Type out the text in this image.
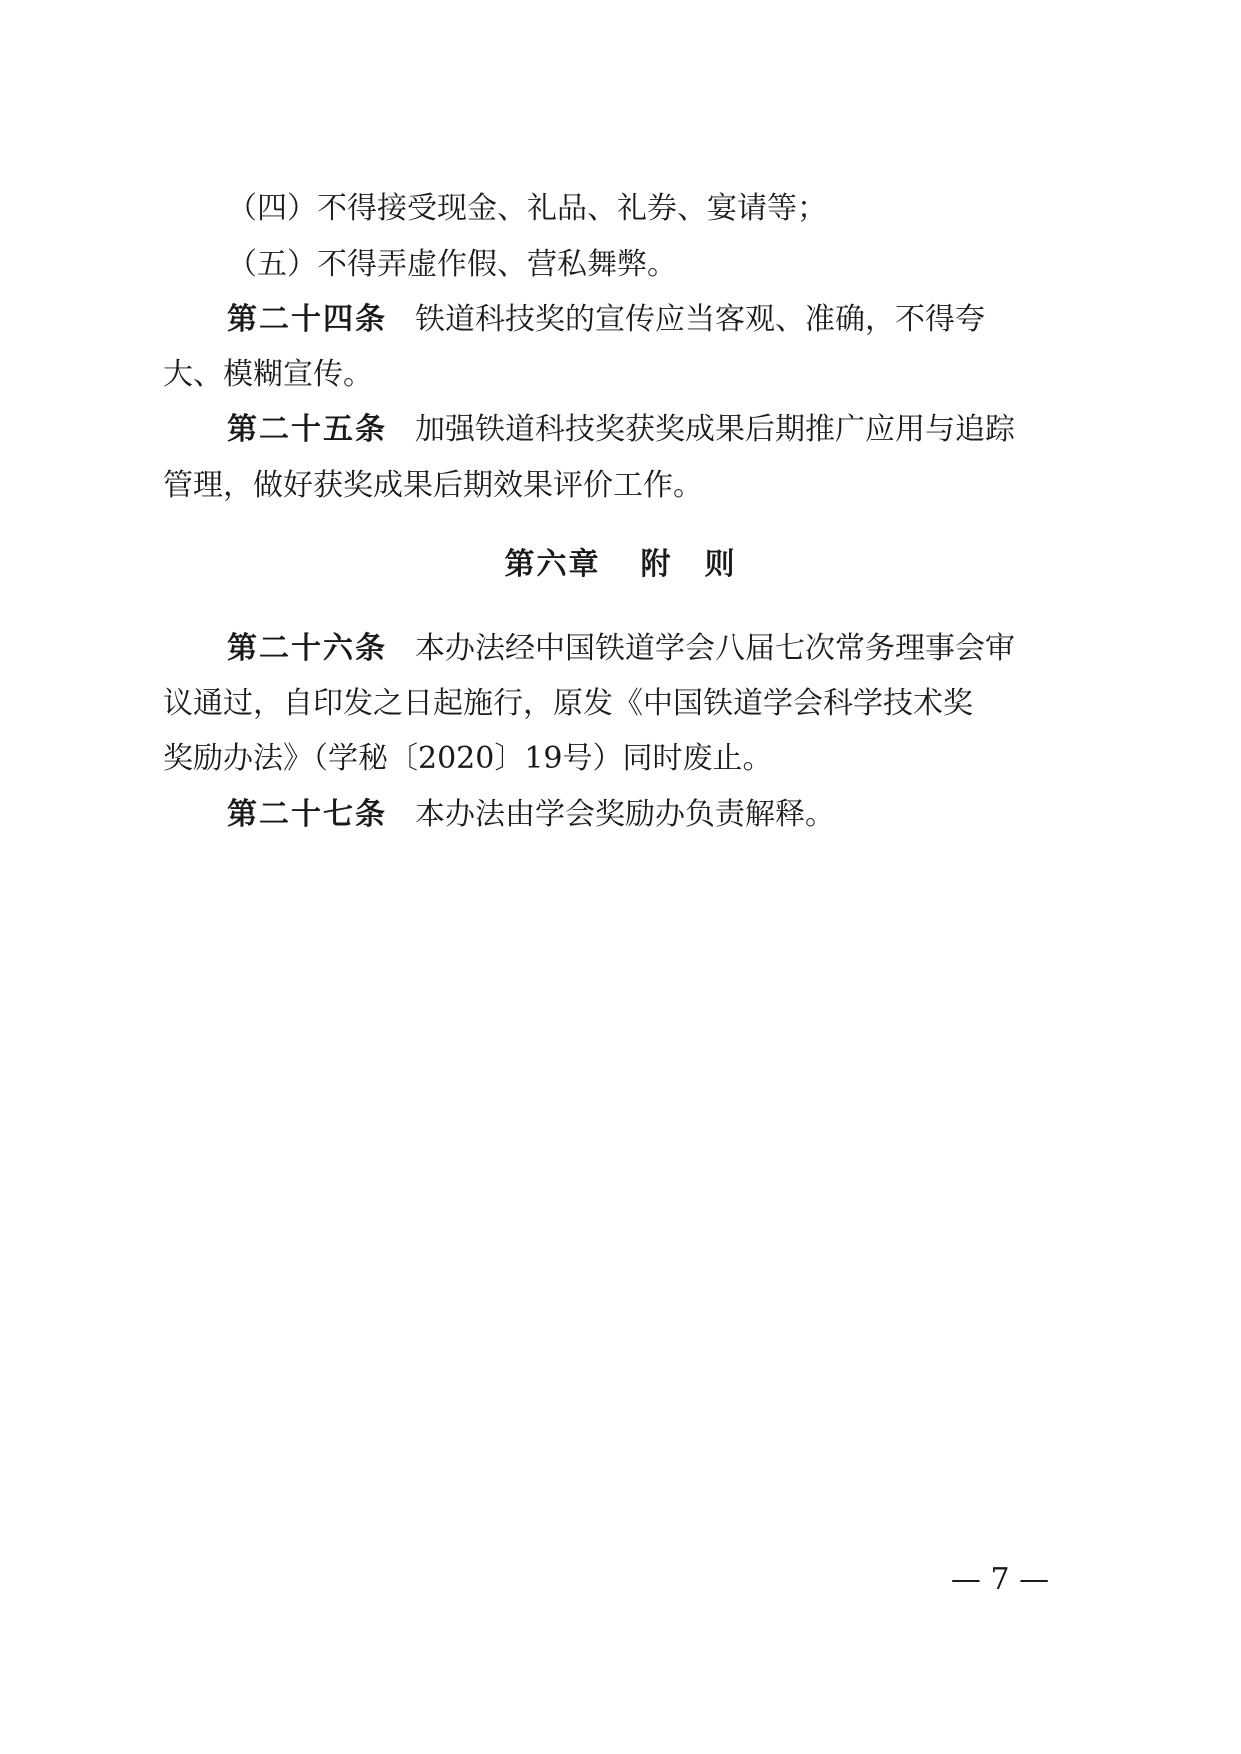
（四）不得接受现金、礼品、礼券、宴请等；
（五）不得弄虚作假、营私舞弊。
第二十四条 铁道科技奖的宣传应当客观、准确，不得夸
大、模糊宣传。
第二十五条 加强铁道科技奖获奖成果后期推广应用与追踪
管理，做好获奖成果后期效果评价工作。
第六章 附　则
第二十六条 本办法经中国铁道学会八届七次常务理事会审
议通过，自印发之日起施行，原发《中国铁道学会科学技术奖
奖励办法》（学秘〔2020〕19号）同时废止。
第二十七条 本办法由学会奖励办负责解释。
— 7 —
